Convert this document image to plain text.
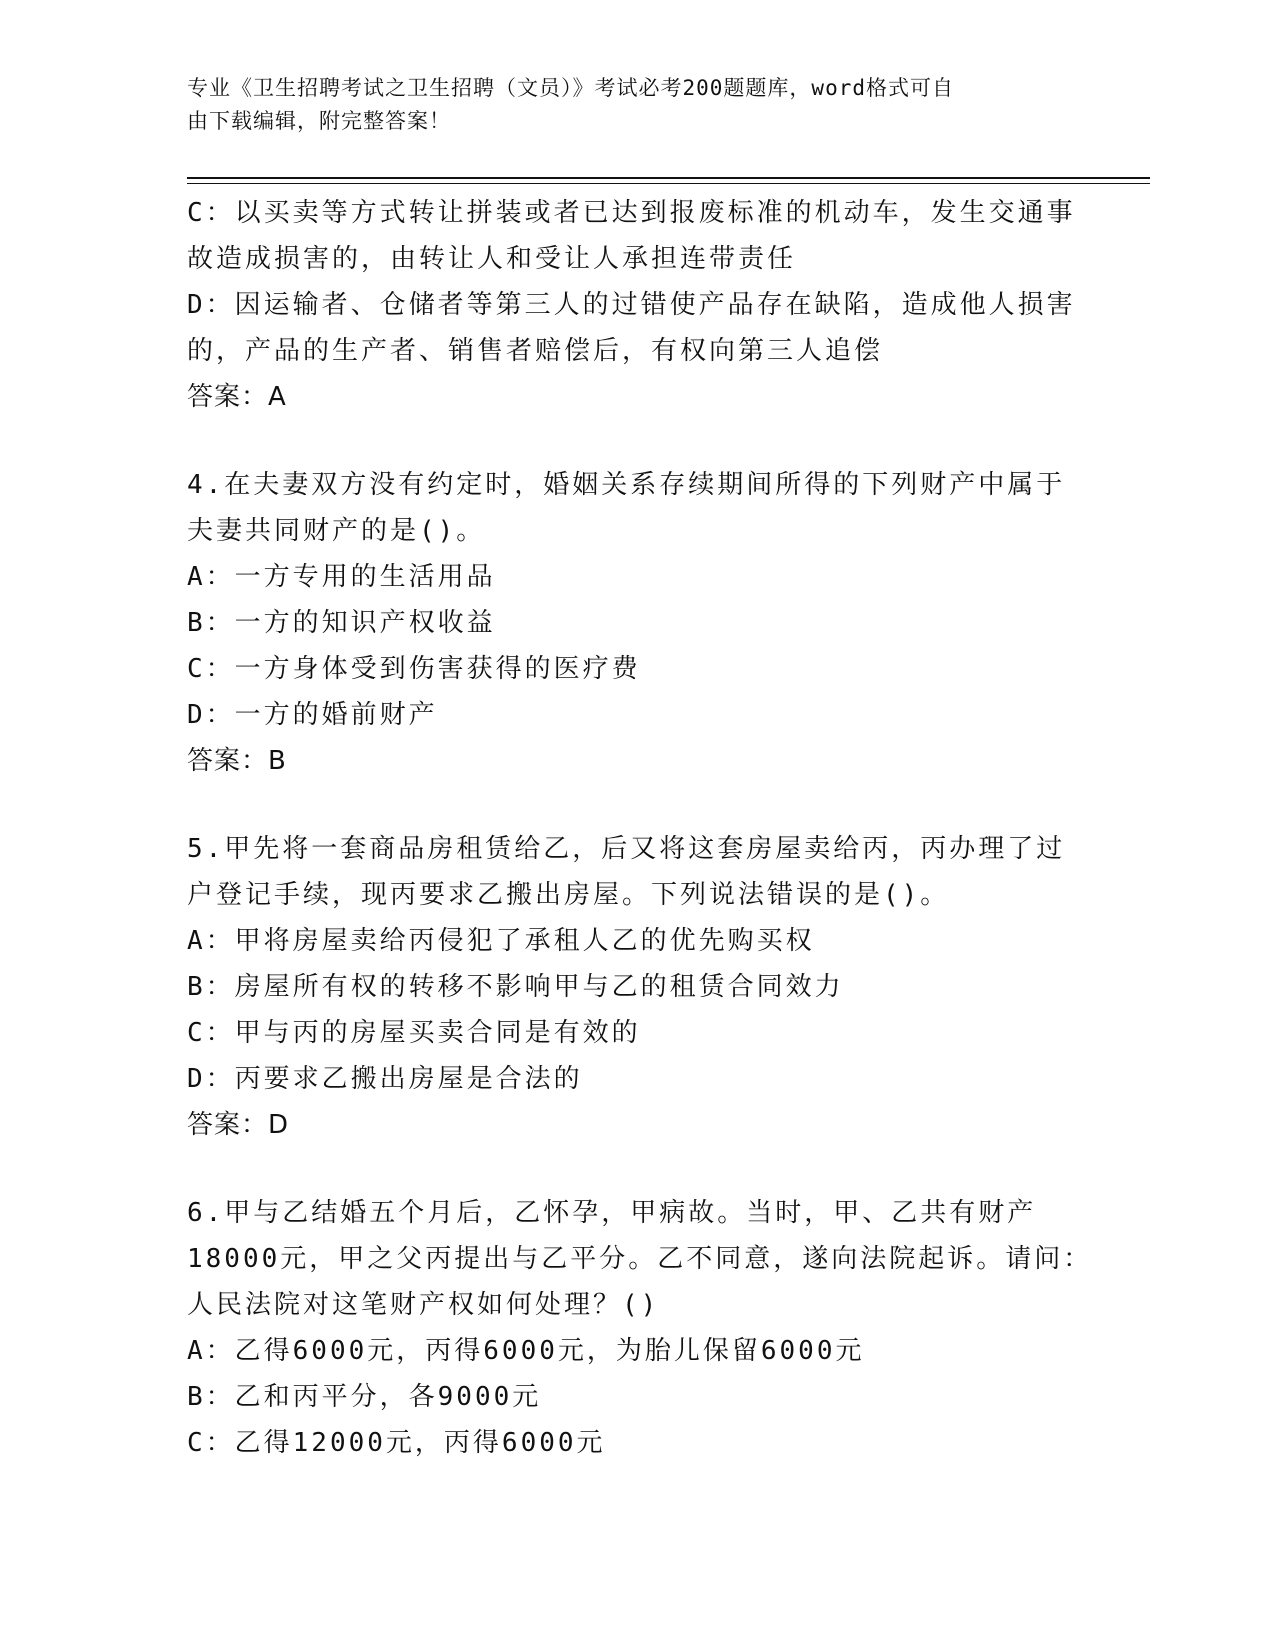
专业《卫生招聘考试之卫生招聘（文员）》考试必考200题题库，word格式可自
由下载编辑，附完整答案！
C：以买卖等方式转让拼装或者已达到报废标准的机动车，发生交通事
故造成损害的，由转让人和受让人承担连带责任
D：因运输者、仓储者等第三人的过错使产品存在缺陷，造成他人损害
的，产品的生产者、销售者赔偿后，有权向第三人追偿
答案：A
4.在夫妻双方没有约定时，婚姻关系存续期间所得的下列财产中属于
夫妻共同财产的是()。
A：一方专用的生活用品
B：一方的知识产权收益
C：一方身体受到伤害获得的医疗费
D：一方的婚前财产
答案：B
5.甲先将一套商品房租赁给乙，后又将这套房屋卖给丙，丙办理了过
户登记手续，现丙要求乙搬出房屋。下列说法错误的是()。
A：甲将房屋卖给丙侵犯了承租人乙的优先购买权
B：房屋所有权的转移不影响甲与乙的租赁合同效力
C：甲与丙的房屋买卖合同是有效的
D：丙要求乙搬出房屋是合法的
答案：D
6.甲与乙结婚五个月后，乙怀孕，甲病故。当时，甲、乙共有财产
18000元，甲之父丙提出与乙平分。乙不同意，遂向法院起诉。请问：
人民法院对这笔财产权如何处理？()
A：乙得6000元，丙得6000元，为胎儿保留6000元
B：乙和丙平分，各9000元
C：乙得12000元，丙得6000元
